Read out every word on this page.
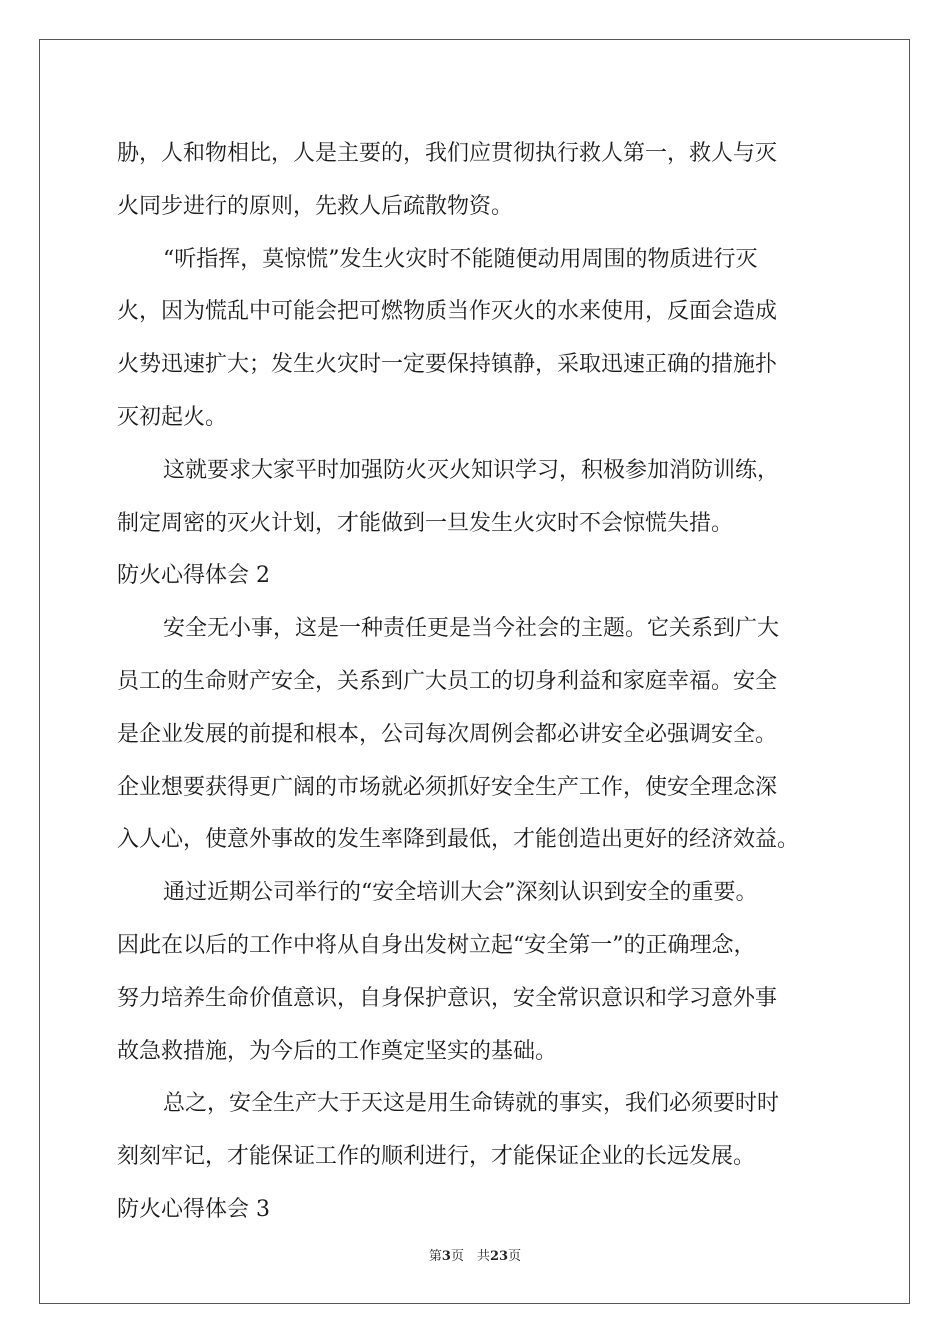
胁，人和物相比，人是主要的，我们应贯彻执行救人第一，救人与灭
火同步进行的原则，先救人后疏散物资。
“听指挥，莫惊慌”发生火灾时不能随便动用周围的物质进行灭
火，因为慌乱中可能会把可燃物质当作灭火的水来使用，反面会造成
火势迅速扩大；发生火灾时一定要保持镇静，采取迅速正确的措施扑
灭初起火。
这就要求大家平时加强防火灭火知识学习，积极参加消防训练，
制定周密的灭火计划，才能做到一旦发生火灾时不会惊慌失措。
防火心得体会 2
安全无小事，这是一种责任更是当今社会的主题。它关系到广大
员工的生命财产安全，关系到广大员工的切身利益和家庭幸福。安全
是企业发展的前提和根本，公司每次周例会都必讲安全必强调安全。
企业想要获得更广阔的市场就必须抓好安全生产工作，使安全理念深
入人心，使意外事故的发生率降到最低，才能创造出更好的经济效益。
通过近期公司举行的“安全培训大会”深刻认识到安全的重要。
因此在以后的工作中将从自身出发树立起“安全第一”的正确理念，
努力培养生命价值意识，自身保护意识，安全常识意识和学习意外事
故急救措施，为今后的工作奠定坚实的基础。
总之，安全生产大于天这是用生命铸就的事实，我们必须要时时
刻刻牢记，才能保证工作的顺利进行，才能保证企业的长远发展。
防火心得体会 3
第3页　共23页
